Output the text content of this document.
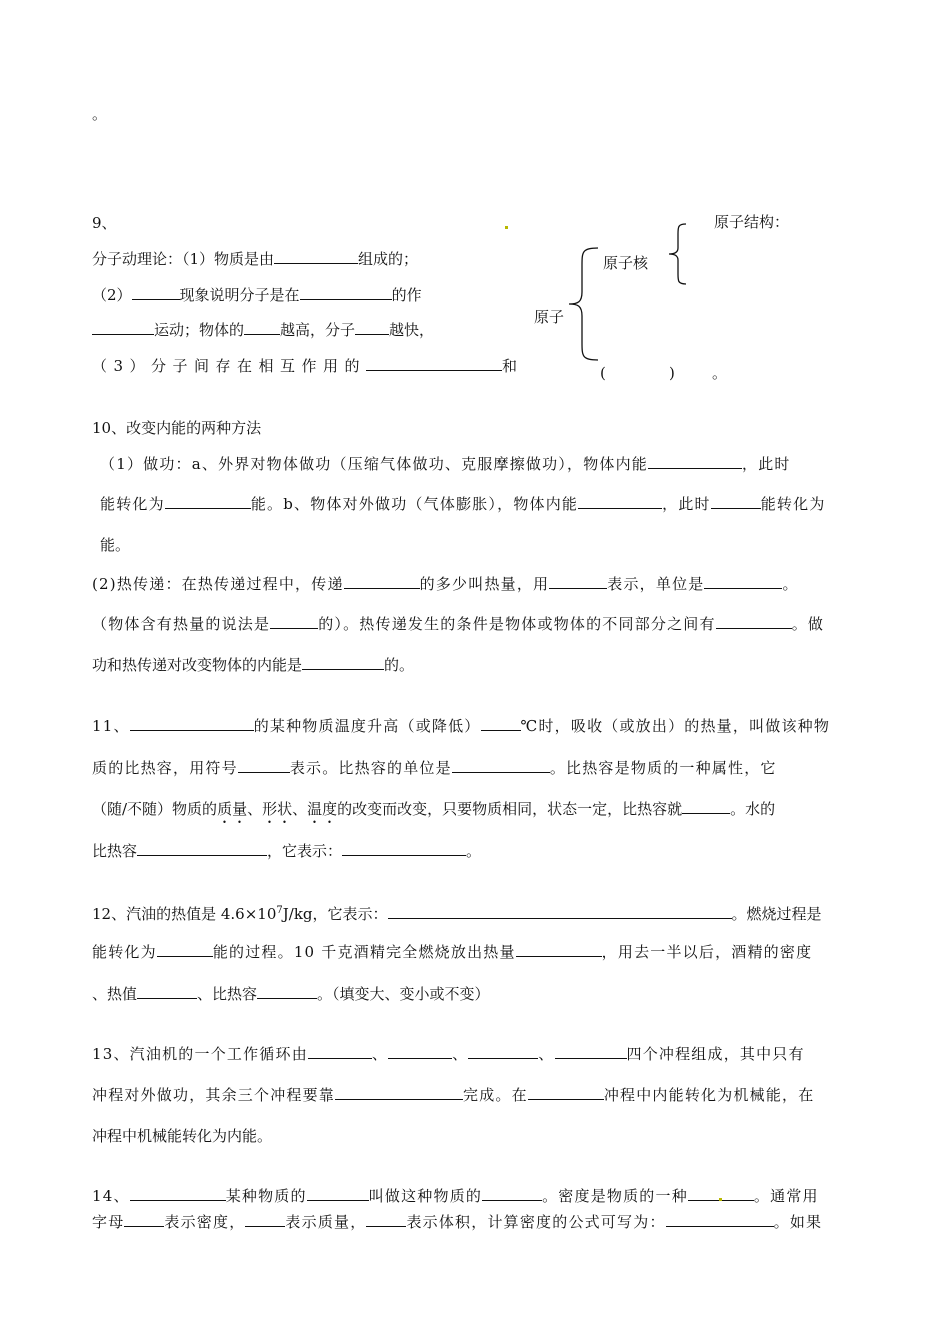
。
9、
分子动理论：（1）物质是由	组成的；
（2）	现象说明分子是在	的作
运动；物体的 越高，分子 越快，
（3）分子间存在相互作用的	和
原子结构：
原子核
原子
(	) 。
10、改变内能的两种方法
（1）做功：a、外界对物体做功（压缩气体做功、克服摩擦做功），物体内能	，此时
能转化为	能。b、物体对外做功（气体膨胀），物体内能	，此时	能转化为
能。
(2)热传递：在热传递过程中，传递	的多少叫热量，用	表示，单位是	。
（物体含有热量的说法是	的）。热传递发生的条件是物体或物体的不同部分之间有	。做
功和热传递对改变物体的内能是	的。
11、	的某种物质温度升高（或降低）	℃时，吸收（或放出）的热量，叫做该种物
质的比热容，用符号	表示。比热容的单位是	。比热容是物质的一种属性，它
（随/不随）物质的质量、形状、温度的改变而改变，只要物质相同，状态一定，比热容就	。水的
比热容	，它表示：	。
12、汽油的热值是 $4.6\times 10^7J/kg$，它表示：	。燃烧过程是
能转化为	能的过程。10 千克酒精完全燃烧放出热量	，用去一半以后，酒精的密度
、热值	、比热容	。（填变大、变小或不变）
13、汽油机的一个工作循环由	、	、	、	四个冲程组成，其中只有
冲程对外做功，其余三个冲程要靠	完成。在	冲程中内能转化为机械能，在
冲程中机械能转化为内能。
14、	某种物质的	叫做这种物质的	。密度是物质的一种	。通常用
字母	表示密度，	表示质量，	表示体积，计算密度的公式可写为：	。如果
